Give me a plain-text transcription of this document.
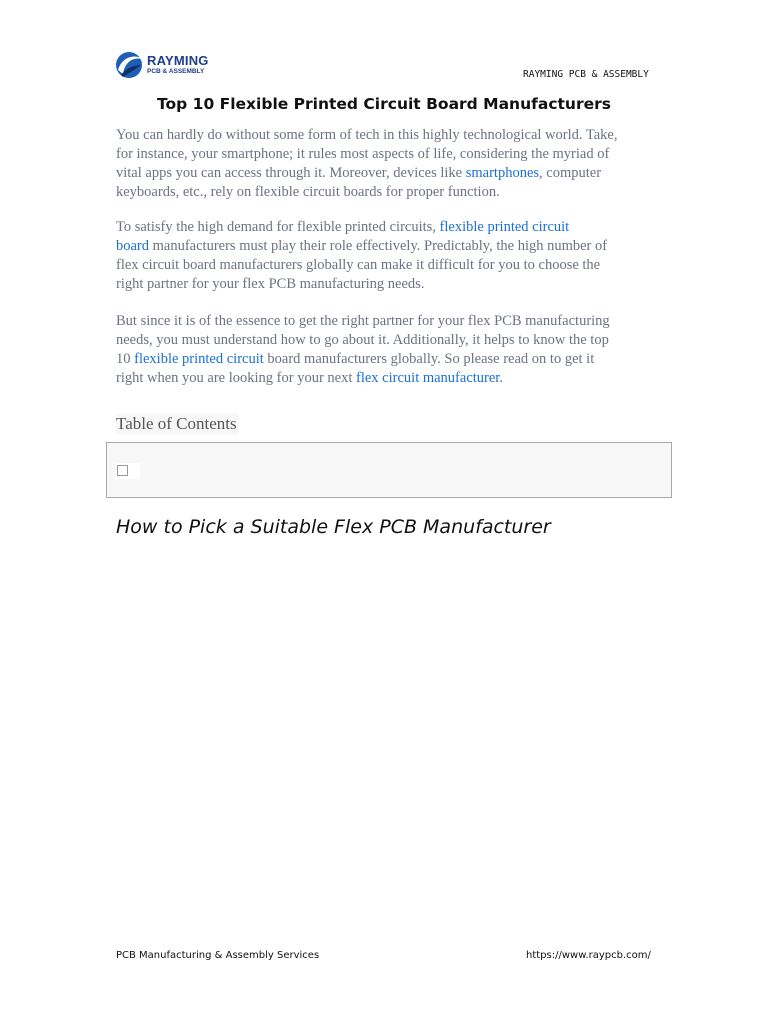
RAYMING
PCB & ASSEMBLY	RAYMING PCB & ASSEMBLY
Top 10 Flexible Printed Circuit Board Manufacturers

You can hardly do without some form of tech in this highly technological world. Take,
for instance, your smartphone; it rules most aspects of life, considering the myriad of
vital apps you can access through it. Moreover, devices like smartphones, computer
keyboards, etc., rely on flexible circuit boards for proper function.

To satisfy the high demand for flexible printed circuits, flexible printed circuit
board manufacturers must play their role effectively. Predictably, the high number of
flex circuit board manufacturers globally can make it difficult for you to choose the
right partner for your flex PCB manufacturing needs.

But since it is of the essence to get the right partner for your flex PCB manufacturing
needs, you must understand how to go about it. Additionally, it helps to know the top
10 flexible printed circuit board manufacturers globally. So please read on to get it
right when you are looking for your next flex circuit manufacturer.

Table of Contents
How to Pick a Suitable Flex PCB Manufacturer
PCB Manufacturing & Assembly Services	https://www.raypcb.com/
